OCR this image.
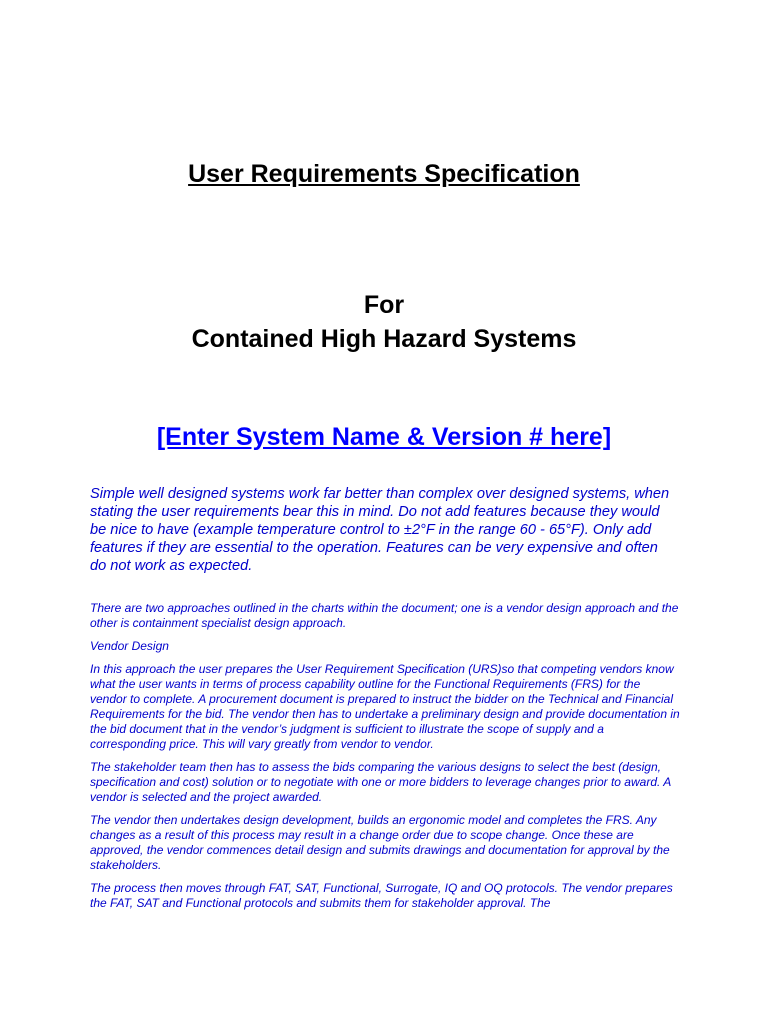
User Requirements Specification
For
Contained High Hazard Systems
[Enter System Name & Version # here]

Simple well designed systems work far better than complex over designed systems, when stating the user requirements bear this in mind. Do not add features because they would be nice to have (example temperature control to ±2°F in the range 60 - 65°F). Only add features if they are essential to the operation. Features can be very expensive and often do not work as expected.

There are two approaches outlined in the charts within the document; one is a vendor design approach and the other is containment specialist design approach.

Vendor Design

In this approach the user prepares the User Requirement Specification (URS)so that competing vendors know what the user wants in terms of process capability outline for the Functional Requirements (FRS) for the vendor to complete. A procurement document is prepared to instruct the bidder on the Technical and Financial Requirements for the bid. The vendor then has to undertake a preliminary design and provide documentation in the bid document that in the vendor’s judgment is sufficient to illustrate the scope of supply and a corresponding price. This will vary greatly from vendor to vendor.

The stakeholder team then has to assess the bids comparing the various designs to select the best (design, specification and cost) solution or to negotiate with one or more bidders to leverage changes prior to award. A vendor is selected and the project awarded.

The vendor then undertakes design development, builds an ergonomic model and completes the FRS. Any changes as a result of this process may result in a change order due to scope change. Once these are approved, the vendor commences detail design and submits drawings and documentation for approval by the stakeholders.

The process then moves through FAT, SAT, Functional, Surrogate, IQ and OQ protocols. The vendor prepares the FAT, SAT and Functional protocols and submits them for stakeholder approval. The
